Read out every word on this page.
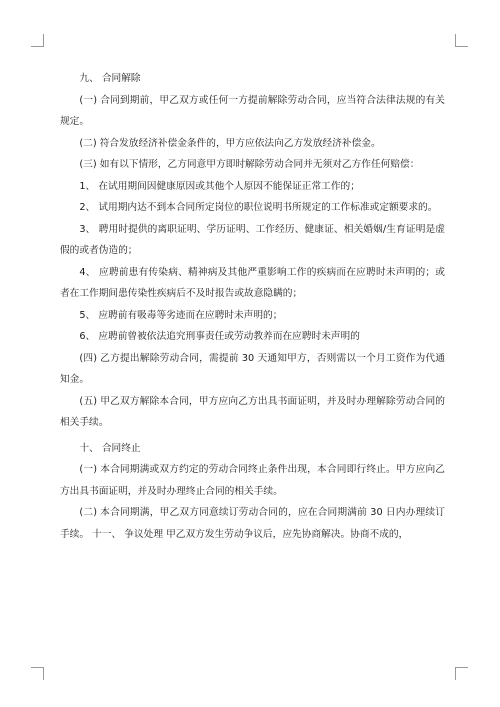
九、 合同解除

(一) 合同到期前，甲乙双方或任何一方提前解除劳动合同，应当符合法律法规的有关规定。

(二) 符合发放经济补偿金条件的，甲方应依法向乙方发放经济补偿金。

(三) 如有以下情形，乙方同意甲方即时解除劳动合同并无须对乙方作任何赔偿：

1、 在试用期间因健康原因或其他个人原因不能保证正常工作的；

2、 试用期内达不到本合同所定岗位的职位说明书所规定的工作标准或定额要求的。

3、 聘用时提供的离职证明、学历证明、工作经历、健康证、相关婚姻/生育证明是虚假的或者伪造的；

4、 应聘前患有传染病、精神病及其他严重影响工作的疾病而在应聘时未声明的；或者在工作期间患传染性疾病后不及时报告或故意隐瞒的；

5、 应聘前有吸毒等劣迹而在应聘时未声明的；

6、 应聘前曾被依法追究刑事责任或劳动教养而在应聘时未声明的

(四) 乙方提出解除劳动合同，需提前 30 天通知甲方，否则需以一个月工资作为代通知金。

(五) 甲乙双方解除本合同，甲方应向乙方出具书面证明，并及时办理解除劳动合同的相关手续。

十、 合同终止

(一) 本合同期满或双方约定的劳动合同终止条件出现，本合同即行终止。甲方应向乙方出具书面证明，并及时办理终止合同的相关手续。

(二) 本合同期满，甲乙双方同意续订劳动合同的，应在合同期满前 30 日内办理续订手续。 十一、 争议处理 甲乙双方发生劳动争议后，应先协商解决。协商不成的，
